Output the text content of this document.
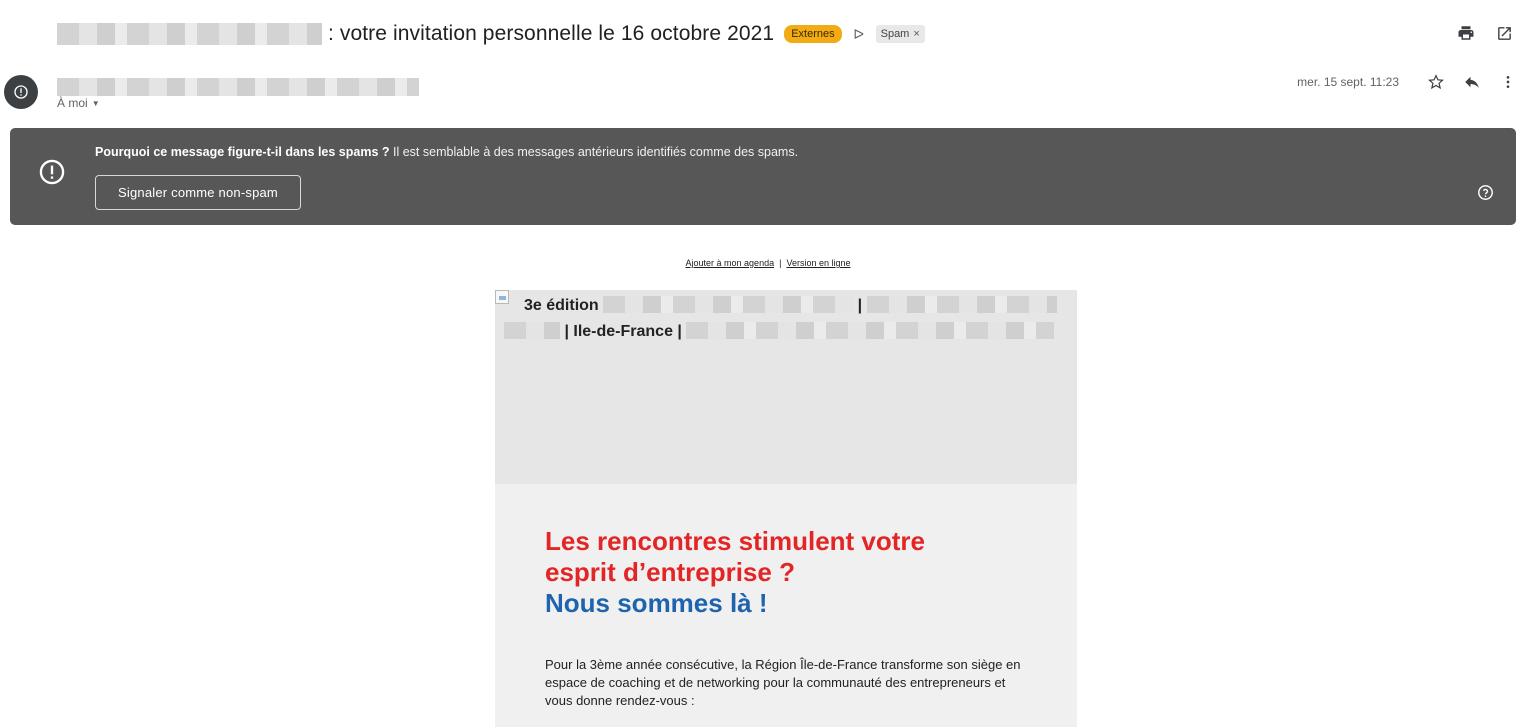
: votre invitation personnelle le 16 octobre 2021	Externes	ᐅ Spam ×
À moi ▼
mer. 15 sept. 11:23
Pourquoi ce message figure-t-il dans les spams ? Il est semblable à des messages antérieurs identifiés comme des spams.
Signaler comme non-spam
Ajouter à mon agenda | Version en ligne
3e édition	|
| Ile-de-France |
Les rencontres stimulent votre
esprit d’entreprise ?
Nous sommes là !

Pour la 3ème année consécutive, la Région Île-de-France transforme son siège en espace de coaching et de networking pour la communauté des entrepreneurs et vous donne rendez-vous :
